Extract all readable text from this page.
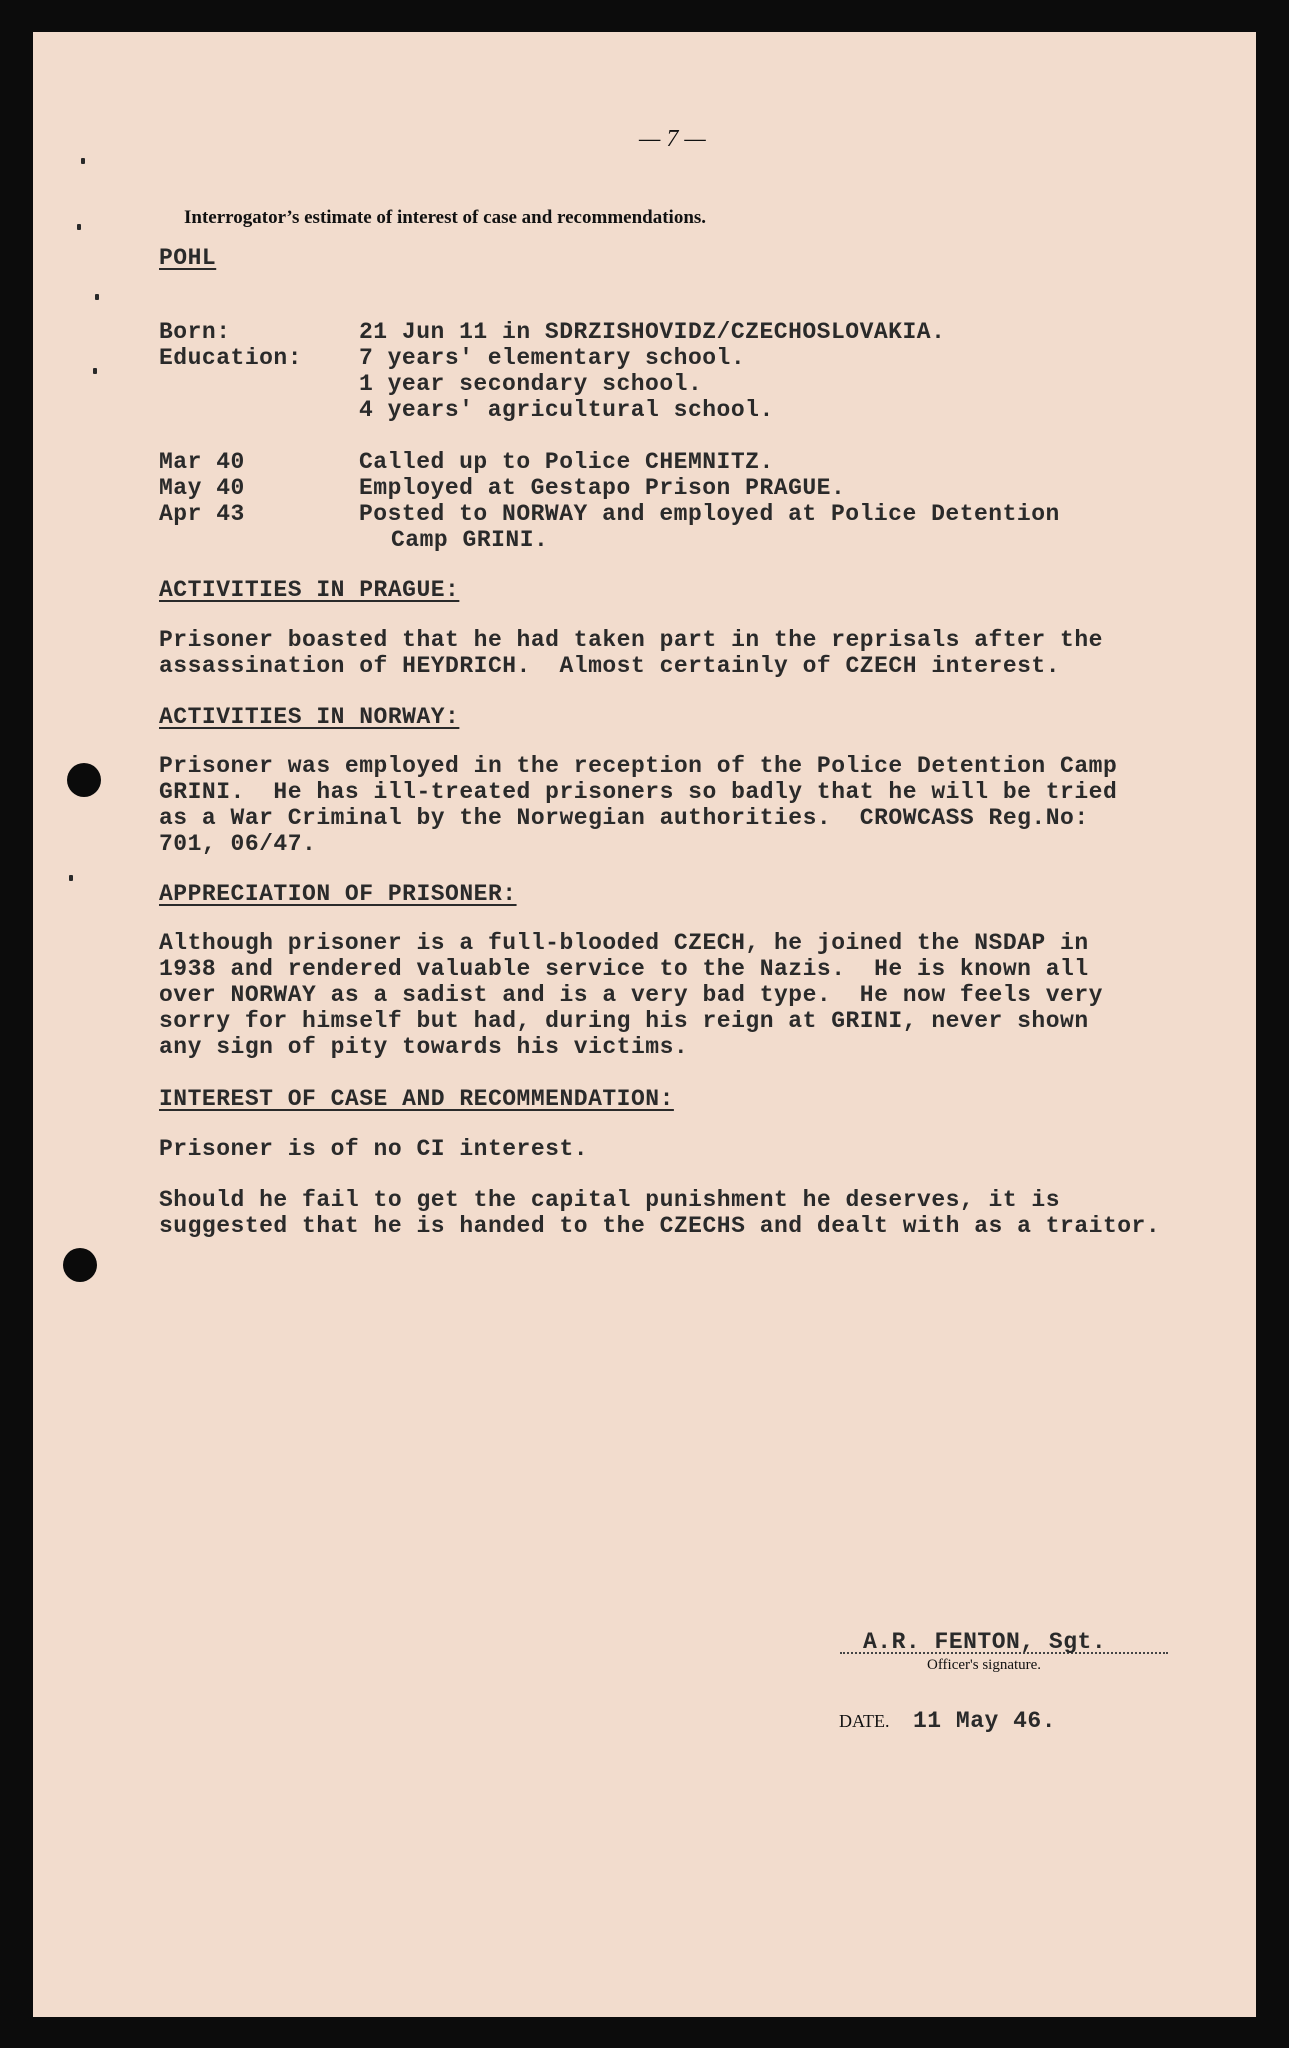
— 7 —
Interrogator’s estimate of interest of case and recommendations.
POHL
Born:	21 Jun 11 in SDRZISHOVIDZ/CZECHOSLOVAKIA.
Education: 7 years' elementary school.
1 year secondary school.
4 years' agricultural school.
Mar 40	Called up to Police CHEMNITZ.
May 40	Employed at Gestapo Prison PRAGUE.
Apr 43	Posted to NORWAY and employed at Police Detention
Camp GRINI.
ACTIVITIES IN PRAGUE:
Prisoner boasted that he had taken part in the reprisals after the
assassination of HEYDRICH.  Almost certainly of CZECH interest.
ACTIVITIES IN NORWAY:
Prisoner was employed in the reception of the Police Detention Camp
GRINI.  He has ill-treated prisoners so badly that he will be tried
as a War Criminal by the Norwegian authorities.  CROWCASS Reg.No:
701, 06/47.
APPRECIATION OF PRISONER:
Although prisoner is a full-blooded CZECH, he joined the NSDAP in
1938 and rendered valuable service to the Nazis.  He is known all
over NORWAY as a sadist and is a very bad type.  He now feels very
sorry for himself but had, during his reign at GRINI, never shown
any sign of pity towards his victims.
INTEREST OF CASE AND RECOMMENDATION:
Prisoner is of no CI interest.
Should he fail to get the capital punishment he deserves, it is
suggested that he is handed to the CZECHS and dealt with as a traitor.
A.R. FENTON, Sgt.
Officer's signature.
DATE. 11 May 46.
